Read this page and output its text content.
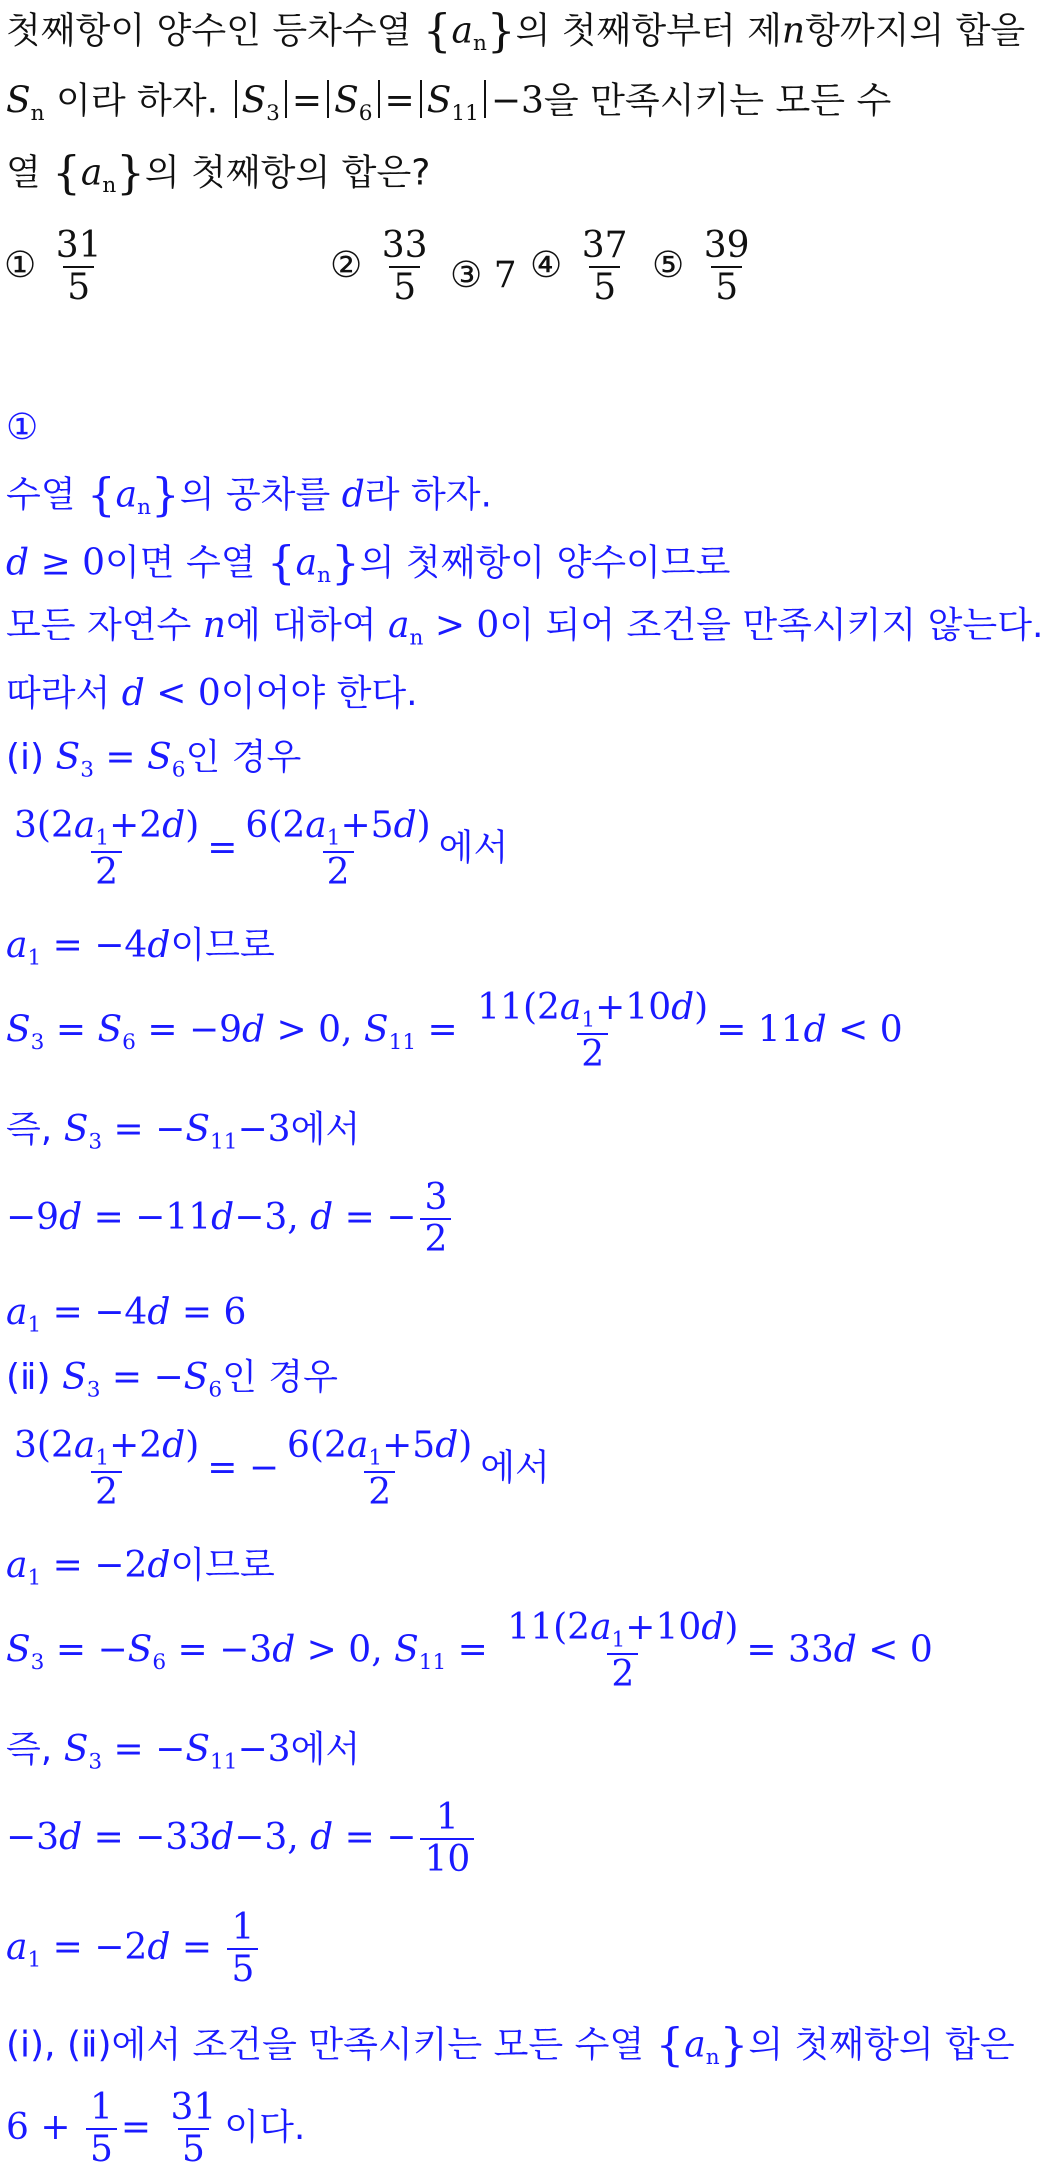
첫째항이 양수인 등차수열 $\{a_n\}$의 첫째항부터 제n항까지의 합을
$S_n$ 이라 하자. $S_3 = S_6 = S_{11} -3$을 만족시키는 모든 수
열 $\{a_n\}$의 첫째항의 합은?
① $\frac{31}{5}$	② $\frac{33}{5}$ ③ 7 ④ $\frac{37}{5}$ ⑤ $\frac{39}{5}$
①
수열 $\{a_n\}$의 공차를 d라 하자.
d ≥ 0이면 수열 $\{a_n\}$의 첫째항이 양수이므로
모든 자연수 n에 대하여 $a_n > 0$이 되어 조건을 만족시키지 않는다.
따라서 d < 0이어야 한다.
(ⅰ) $S_3 = S_6$인 경우
$\frac{3(2a_1+2d)}{2} = \frac{6(2a_1+5d)}{2}$ 에서
$a_1 = -4d$이므로
$S_3 = S_6 = -9d > 0$, $S_{11} = \frac{11(2a_1+10d)}{2} = 11d < 0$
즉, $S_3 = -S_{11}-3$에서
−9d = −11d−3, d = − $\frac{3}{2}$
$a_1 = -4d = 6$
(ⅱ) $S_3 = -S_6$인 경우
$\frac{3(2a_1+2d)}{2}$ = − $\frac{6(2a_1+5d)}{2}$ 에서
$a_1 = -2d$이므로
$S_3 = -S_6 = -3d > 0$, $S_{11} = \frac{11(2a_1+10d)}{2} = 33d < 0$
즉, $S_3 = -S_{11}-3$에서
−3d = −33d−3, d = − $\frac{1}{10}$
$a_1 = -2d = \frac{1}{5}$
(ⅰ), (ⅱ)에서 조건을 만족시키는 모든 수열 $\{a_n\}$의 첫째항의 합은
$6 + \frac{1}{5} = \frac{31}{5}$ 이다.
